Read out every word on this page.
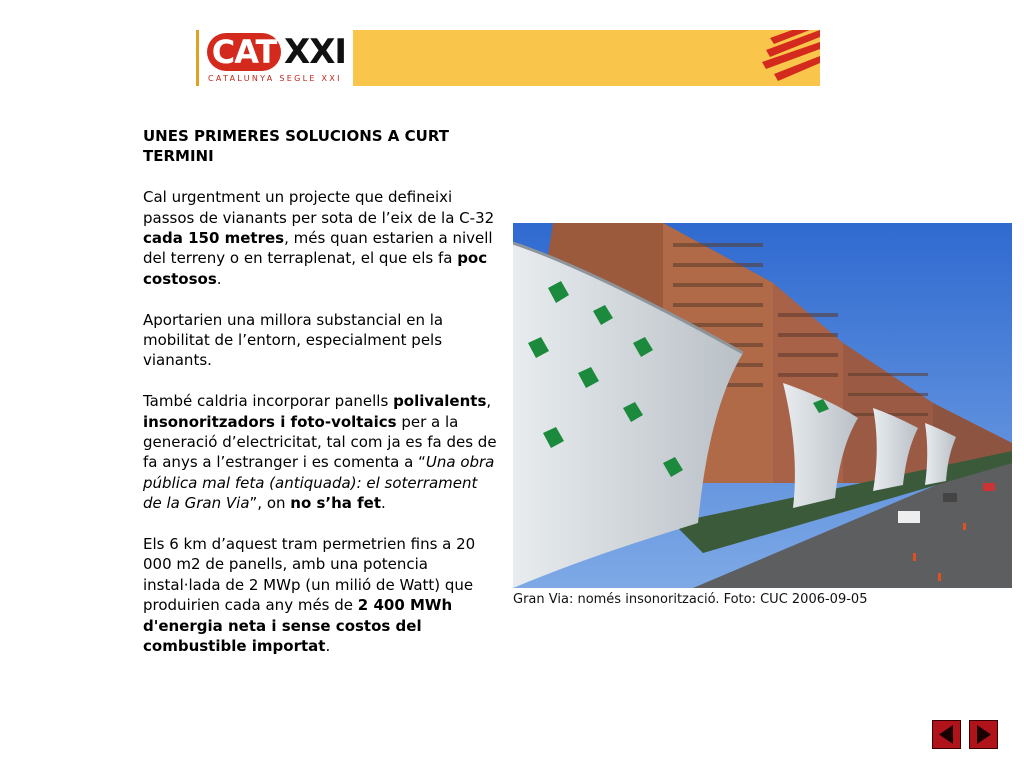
CAT XXI
CATALUNYA SEGLE XXI

UNES PRIMERES SOLUCIONS A CURT TERMINI

Cal urgentment un projecte que defineixi passos de vianants per sota de l’eix de la C-32 cada 150 metres, més quan estarien a nivell del terreny o en terraplenat, el que els fa poc costosos.

Aportarien una millora substancial en la mobilitat de l’entorn, especialment pels vianants.

També caldria incorporar panells polivalents, insonoritzadors i foto-voltaics per a la generació d’electricitat, tal com ja es fa des de fa anys a l’estranger i es comenta a “Una obra pública mal feta (antiquada): el soterrament de la Gran Via”, on no s’ha fet.

Els 6 km d’aquest tram permetrien fins a 20 000 m2 de panells, amb una potencia instal·lada de 2 MWp (un milió de Watt) que produirien cada any més de 2 400 MWh d'energia neta i sense costos del combustible importat.

Gran Via: només insonorització. Foto: CUC 2006-09-05
